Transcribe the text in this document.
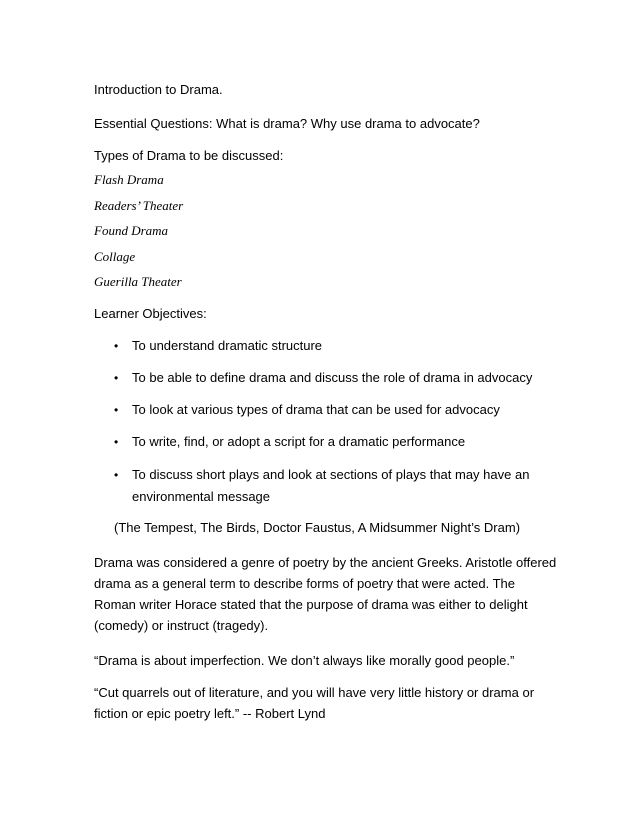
Introduction to Drama.
Essential Questions: What is drama? Why use drama to advocate?
Types of Drama to be discussed:
Flash Drama
Readers’ Theater
Found Drama
Collage
Guerilla Theater
Learner Objectives:
• To understand dramatic structure
• To be able to define drama and discuss the role of drama in advocacy
• To look at various types of drama that can be used for advocacy
• To write, find, or adopt a script for a dramatic performance
• To discuss short plays and look at sections of plays that may have an
environmental message
(The Tempest, The Birds, Doctor Faustus, A Midsummer Night’s Dram)
Drama was considered a genre of poetry by the ancient Greeks. Aristotle offered
drama as a general term to describe forms of poetry that were acted. The
Roman writer Horace stated that the purpose of drama was either to delight
(comedy) or instruct (tragedy).
“Drama is about imperfection. We don’t always like morally good people.”
“Cut quarrels out of literature, and you will have very little history or drama or
fiction or epic poetry left.” -- Robert Lynd
